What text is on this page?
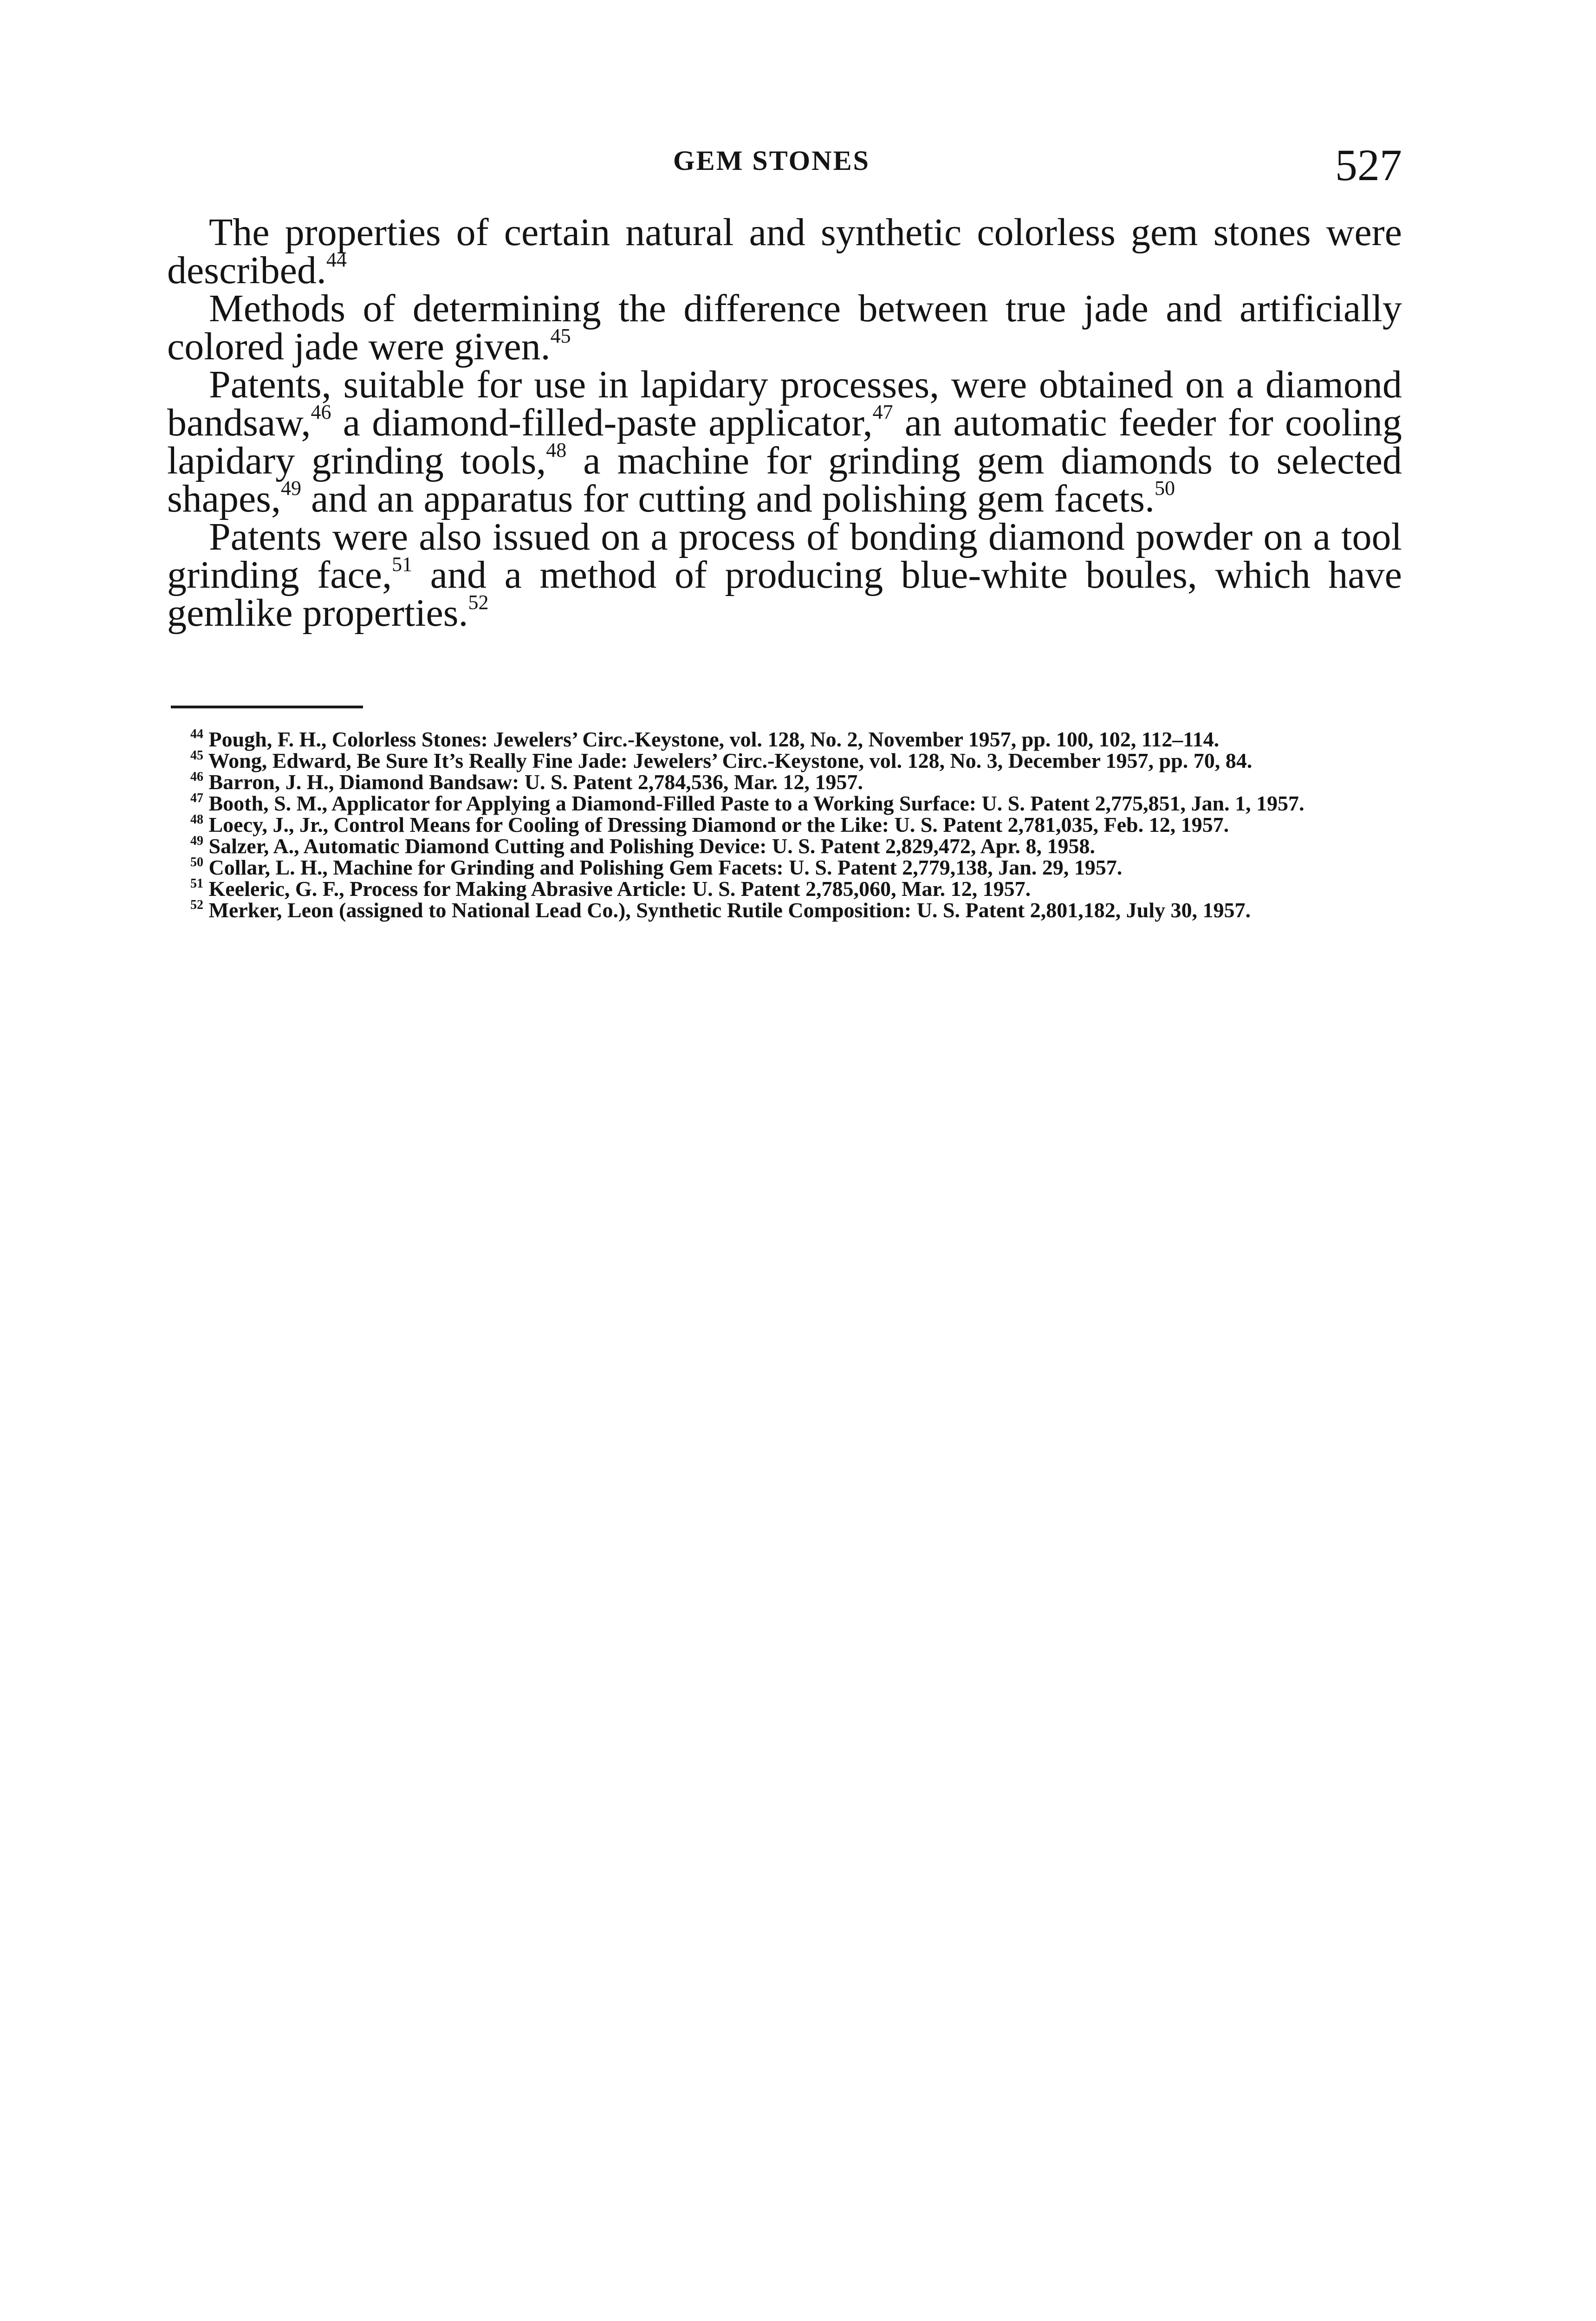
GEM STONES	527

The properties of certain natural and synthetic colorless gem stones were described.$^{44}$

Methods of determining the difference between true jade and artificially colored jade were given.$^{45}$

Patents, suitable for use in lapidary processes, were obtained on a diamond bandsaw,$^{46}$ a diamond-filled-paste applicator,$^{47}$ an automatic feeder for cooling lapidary grinding tools,$^{48}$ a machine for grinding gem diamonds to selected shapes,$^{49}$ and an apparatus for cutting and polishing gem facets.$^{50}$

Patents were also issued on a process of bonding diamond powder on a tool grinding face,$^{51}$ and a method of producing blue-white boules, which have gemlike properties.$^{52}$

$^{44}$ Pough, F. H., Colorless Stones: Jewelers’ Circ.-Keystone, vol. 128, No. 2, November 1957, pp. 100, 102, 112–114.

$^{45}$ Wong, Edward, Be Sure It’s Really Fine Jade: Jewelers’ Circ.-Keystone, vol. 128, No. 3, December 1957, pp. 70, 84.

$^{46}$ Barron, J. H., Diamond Bandsaw: U. S. Patent 2,784,536, Mar. 12, 1957.

$^{47}$ Booth, S. M., Applicator for Applying a Diamond-Filled Paste to a Working Surface: U. S. Patent 2,775,851, Jan. 1, 1957.

$^{48}$ Loecy, J., Jr., Control Means for Cooling of Dressing Diamond or the Like: U. S. Patent 2,781,035, Feb. 12, 1957.

$^{49}$ Salzer, A., Automatic Diamond Cutting and Polishing Device: U. S. Patent 2,829,472, Apr. 8, 1958.

$^{50}$ Collar, L. H., Machine for Grinding and Polishing Gem Facets: U. S. Patent 2,779,138, Jan. 29, 1957.

$^{51}$ Keeleric, G. F., Process for Making Abrasive Article: U. S. Patent 2,785,060, Mar. 12, 1957.

$^{52}$ Merker, Leon (assigned to National Lead Co.), Synthetic Rutile Composition: U. S. Patent 2,801,182, July 30, 1957.
